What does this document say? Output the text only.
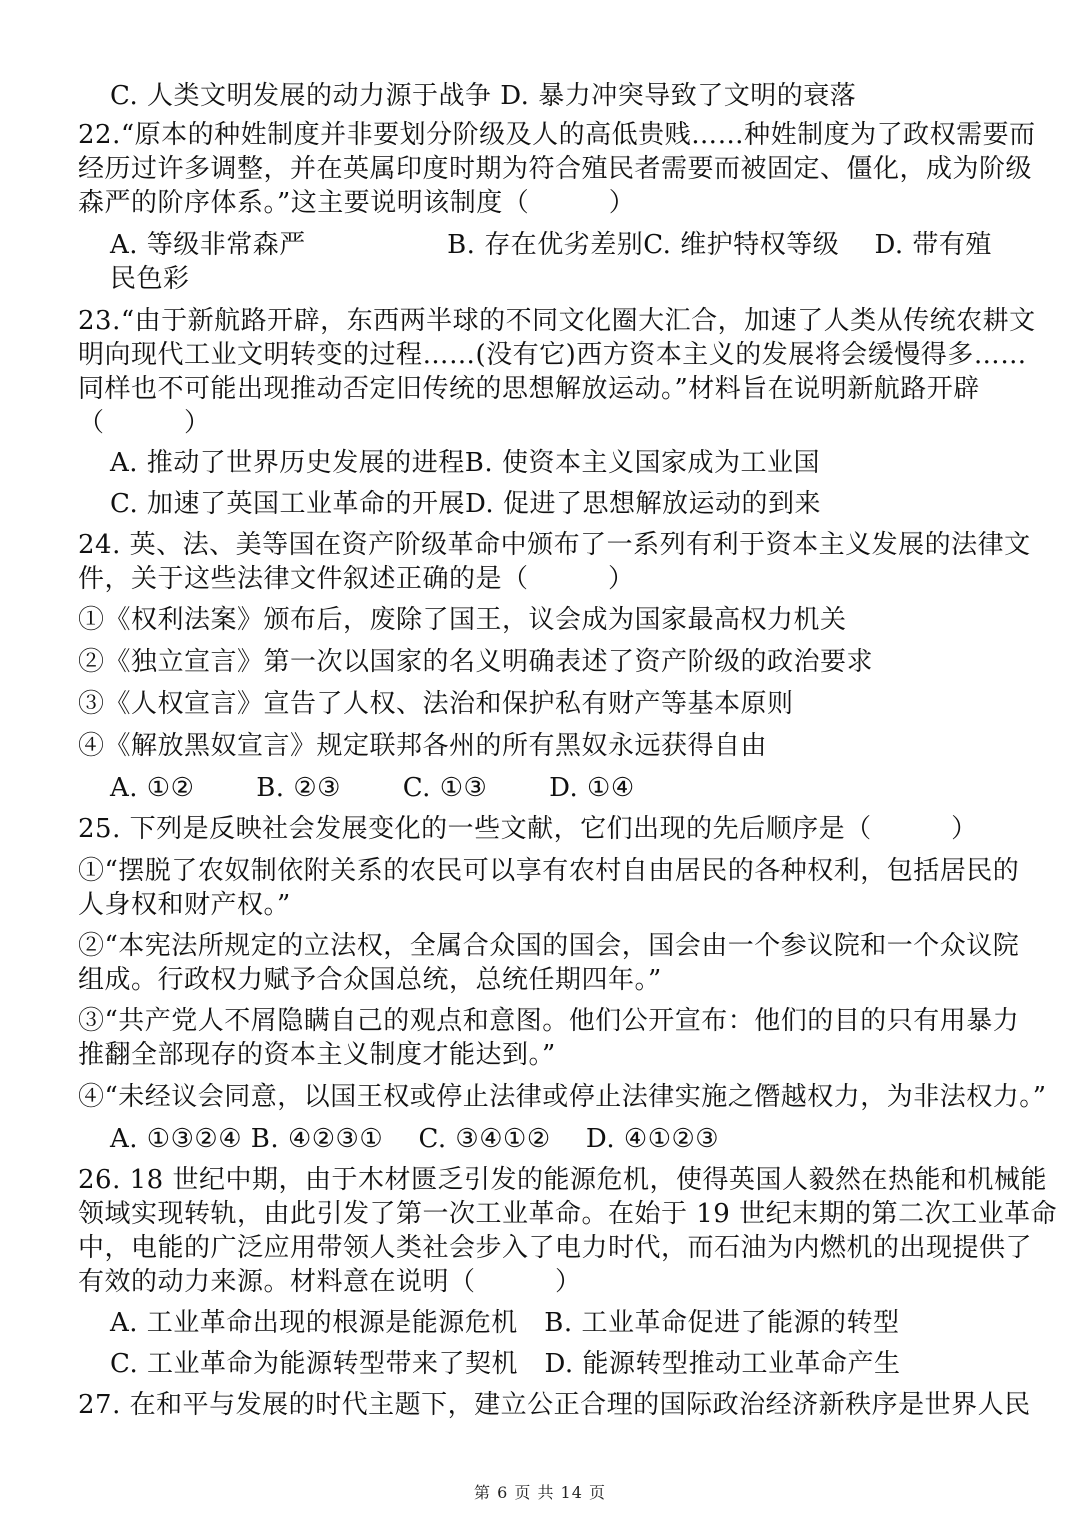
C. 人类文明发展的动力源于战争 D. 暴力冲突导致了文明的衰落
22.“原本的种姓制度并非要划分阶级及人的高低贵贱……种姓制度为了政权需要而
经历过许多调整，并在英属印度时期为符合殖民者需要而被固定、僵化，成为阶级
森严的阶序体系。”这主要说明该制度（　　　）
A. 等级非常森严　　　　　 B. 存在优劣差别C. 维护特权等级　 D. 带有殖
民色彩
23.“由于新航路开辟，东西两半球的不同文化圈大汇合，加速了人类从传统农耕文
明向现代工业文明转变的过程……(没有它)西方资本主义的发展将会缓慢得多……
同样也不可能出现推动否定旧传统的思想解放运动。”材料旨在说明新航路开辟
（　　　）
A. 推动了世界历史发展的进程B. 使资本主义国家成为工业国
C. 加速了英国工业革命的开展D. 促进了思想解放运动的到来
24. 英、法、美等国在资产阶级革命中颁布了一系列有利于资本主义发展的法律文
件，关于这些法律文件叙述正确的是（　　　）
①《权利法案》颁布后，废除了国王，议会成为国家最高权力机关
②《独立宣言》第一次以国家的名义明确表述了资产阶级的政治要求
③《人权宣言》宣告了人权、法治和保护私有财产等基本原则
④《解放黑奴宣言》规定联邦各州的所有黑奴永远获得自由
A. ①②　　 B. ②③　　 C. ①③　　 D. ①④
25. 下列是反映社会发展变化的一些文献，它们出现的先后顺序是（　　　）
①“摆脱了农奴制依附关系的农民可以享有农村自由居民的各种权利，包括居民的
人身权和财产权。”
②“本宪法所规定的立法权，全属合众国的国会，国会由一个参议院和一个众议院
组成。行政权力赋予合众国总统，总统任期四年。”
③“共产党人不屑隐瞒自己的观点和意图。他们公开宣布：他们的目的只有用暴力
推翻全部现存的资本主义制度才能达到。”
④“未经议会同意，以国王权或停止法律或停止法律实施之僭越权力，为非法权力。”
A. ①③②④ B. ④②③①　 C. ③④①②　 D. ④①②③
26. 18 世纪中期，由于木材匮乏引发的能源危机，使得英国人毅然在热能和机械能
领域实现转轨，由此引发了第一次工业革命。在始于 19 世纪末期的第二次工业革命
中，电能的广泛应用带领人类社会步入了电力时代，而石油为内燃机的出现提供了
有效的动力来源。材料意在说明（　　　）
A. 工业革命出现的根源是能源危机　B. 工业革命促进了能源的转型
C. 工业革命为能源转型带来了契机　D. 能源转型推动工业革命产生
27. 在和平与发展的时代主题下，建立公正合理的国际政治经济新秩序是世界人民
第 6 页 共 14 页
